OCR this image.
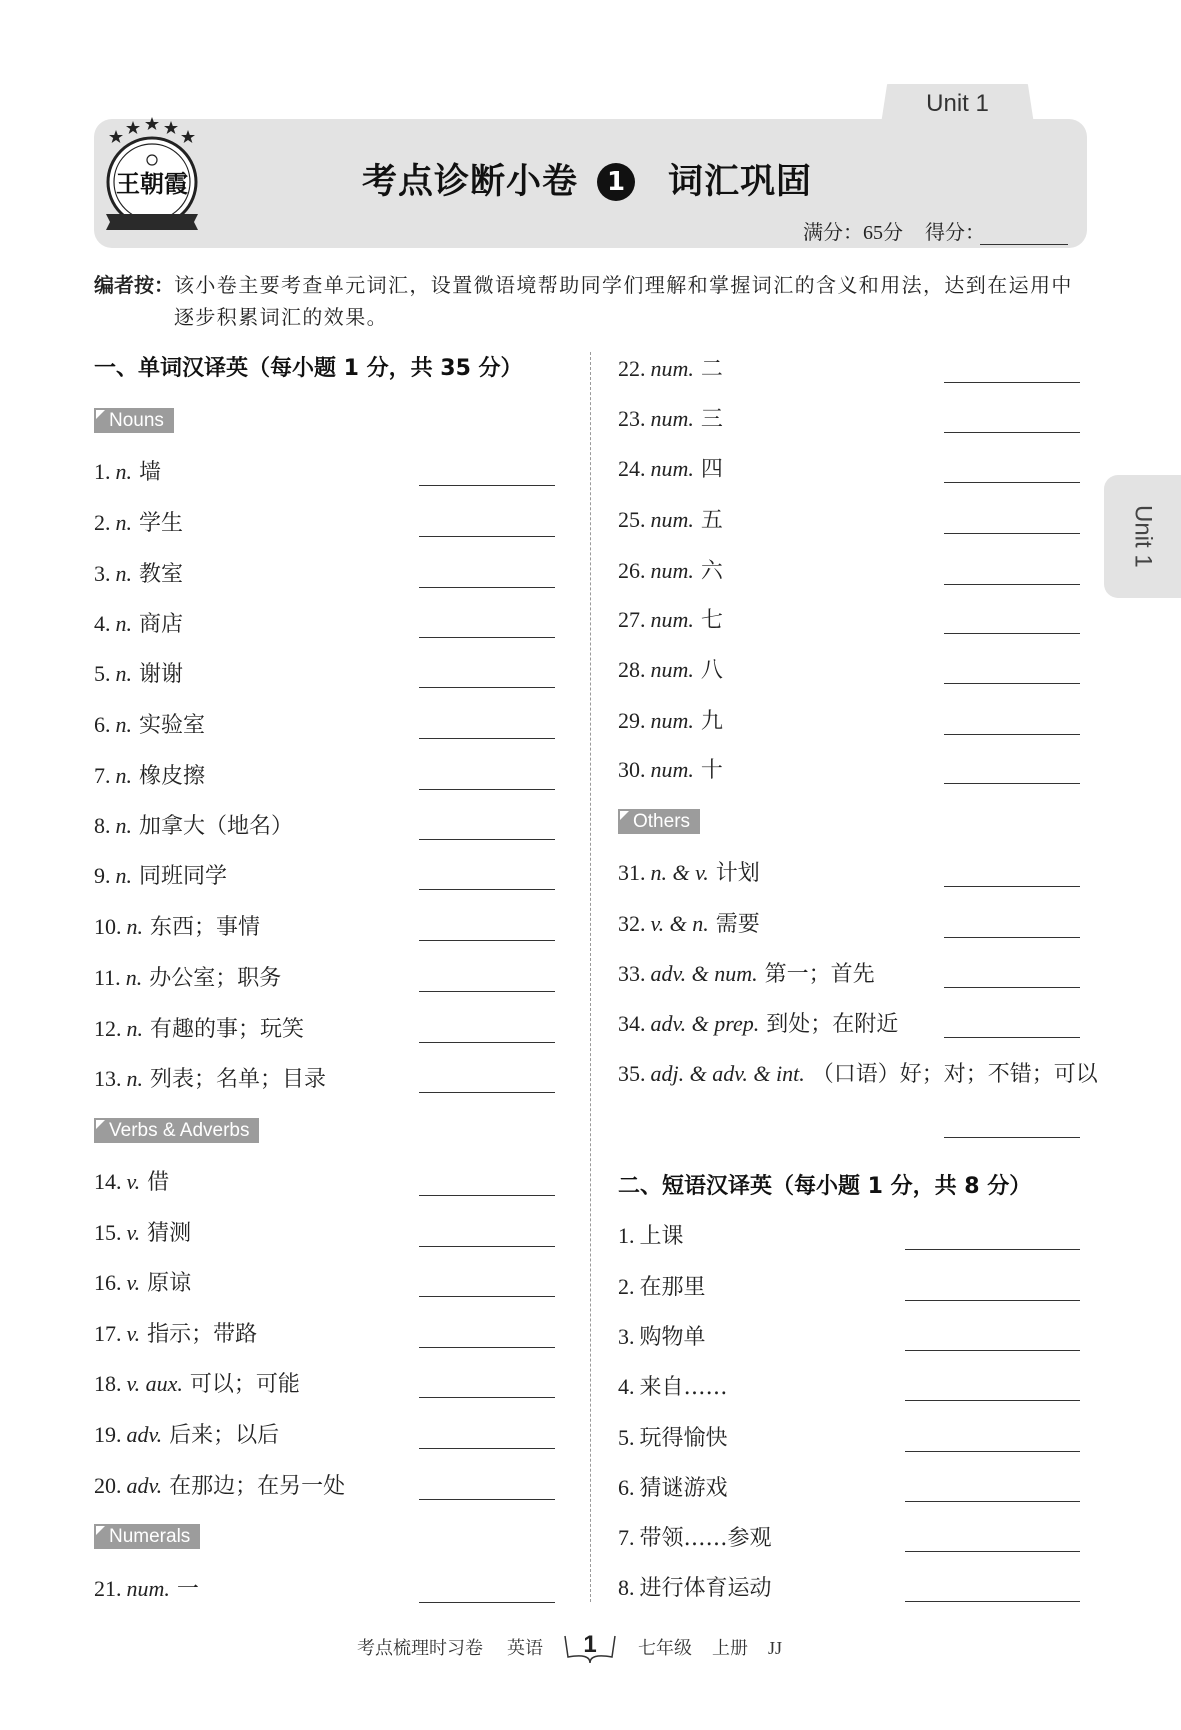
Unit 1
王朝霞	考点诊断小卷	1 词汇巩固
满分：65分 得分：
编者按：该小卷主要考查单元词汇，设置微语境帮助同学们理解和掌握词汇的含义和用法，达到在运用中
逐步积累词汇的效果。
Unit 1
一、单词汉译英（每小题 1 分，共 35 分）
Nouns
1. n. 墙
2. n. 学生
3. n. 教室
4. n. 商店
5. n. 谢谢
6. n. 实验室
7. n. 橡皮擦
8. n. 加拿大（地名）
9. n. 同班同学
10. n. 东西；事情
11. n. 办公室；职务
12. n. 有趣的事；玩笑
13. n. 列表；名单；目录
Verbs & Adverbs
14. v. 借
15. v. 猜测
16. v. 原谅
17. v. 指示；带路
18. v. aux. 可以；可能
19. adv. 后来；以后
20. adv. 在那边；在另一处
Numerals
21. num. 一
22. num. 二
23. num. 三
24. num. 四
25. num. 五
26. num. 六
27. num. 七
28. num. 八
29. num. 九
30. num. 十
Others
31. n. & v. 计划
32. v. & n. 需要
33. adv. & num. 第一；首先
34. adv. & prep. 到处；在附近
35. adj. & adv. & int. （口语）好；对；不错；可以
二、短语汉译英（每小题 1 分，共 8 分）
1. 上课
2. 在那里
3. 购物单
4. 来自……
5. 玩得愉快
6. 猜谜游戏
7. 带领……参观
8. 进行体育运动
考点梳理时习卷 英语	1	七年级 上册 JJ
